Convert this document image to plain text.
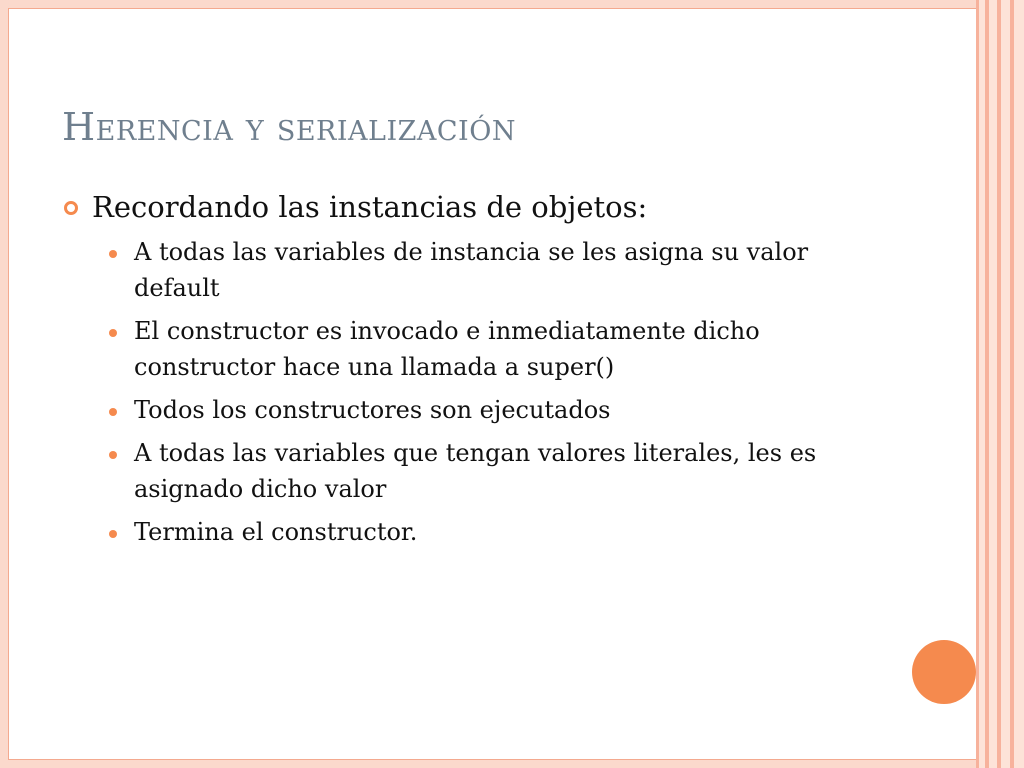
Herencia y serialización
Recordando las instancias de objetos:
A todas las variables de instancia se les asigna su valor default
El constructor es invocado e inmediatamente dicho constructor hace una llamada a super()
Todos los constructores son ejecutados
A todas las variables que tengan valores literales, les es asignado dicho valor
Termina el constructor.
